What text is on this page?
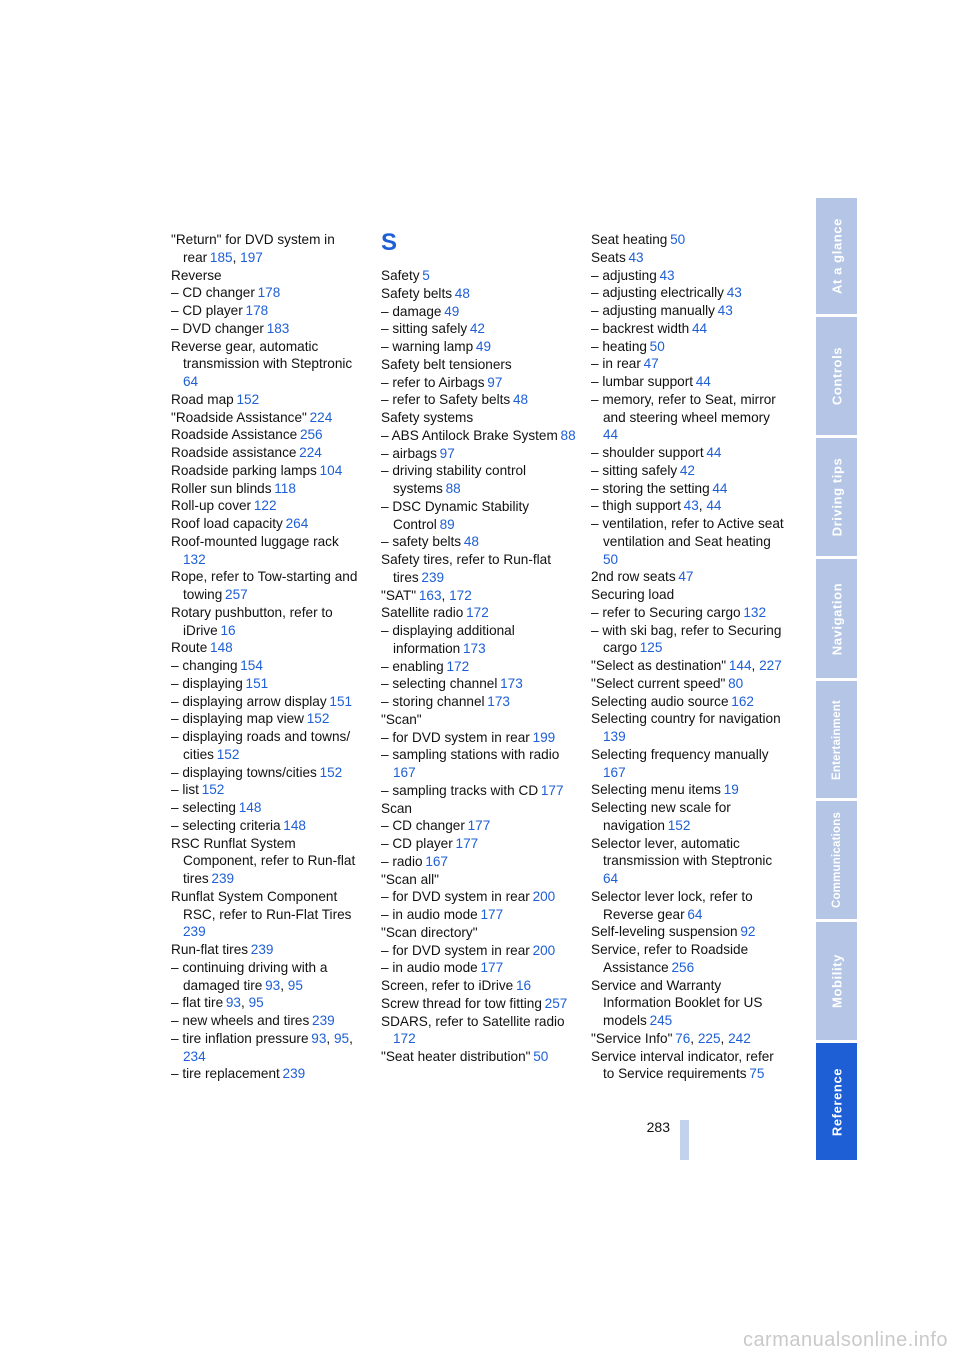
"Return" for DVD system in rear  185, 197
Reverse
– CD changer  178
– CD player  178
– DVD changer  183
Reverse gear, automatic transmission with Steptronic 64
Road map  152
"Roadside Assistance"  224
Roadside Assistance  256
Roadside assistance  224
Roadside parking lamps  104
Roller sun blinds  118
Roll-up cover  122
Roof load capacity  264
Roof-mounted luggage rack 132
Rope, refer to Tow-starting and towing  257
Rotary pushbutton, refer to iDrive  16
Route  148
– changing  154
– displaying  151
– displaying arrow display  151
– displaying map view  152
– displaying roads and towns/ cities  152
– displaying towns/cities  152
– list  152
– selecting  148
– selecting criteria  148
RSC Runflat System Component, refer to Run-flat tires  239
Runflat System Component RSC, refer to Run-Flat Tires 239
Run-flat tires  239
– continuing driving with a damaged tire  93, 95
– flat tire  93, 95
– new wheels and tires  239
– tire inflation pressure  93, 95, 234
– tire replacement  239
S
Safety  5
Safety belts  48
– damage  49
– sitting safely  42
– warning lamp  49
Safety belt tensioners
– refer to Airbags  97
– refer to Safety belts  48
Safety systems
– ABS Antilock Brake System  88
– airbags  97
– driving stability control systems  88
– DSC Dynamic Stability Control  89
– safety belts  48
Safety tires, refer to Run-flat tires  239
"SAT"  163, 172
Satellite radio  172
– displaying additional information  173
– enabling  172
– selecting channel  173
– storing channel  173
"Scan"
– for DVD system in rear  199
– sampling stations with radio 167
– sampling tracks with CD  177
Scan
– CD changer  177
– CD player  177
– radio  167
"Scan all"
– for DVD system in rear  200
– in audio mode  177
"Scan directory"
– for DVD system in rear  200
– in audio mode  177
Screen, refer to iDrive  16
Screw thread for tow fitting  257
SDARS, refer to Satellite radio 172
"Seat heater distribution"  50
Seat heating  50
Seats  43
– adjusting  43
– adjusting electrically  43
– adjusting manually  43
– backrest width  44
– heating  50
– in rear  47
– lumbar support  44
– memory, refer to Seat, mirror and steering wheel memory 44
– shoulder support  44
– sitting safely  42
– storing the setting  44
– thigh support  43, 44
– ventilation, refer to Active seat ventilation and Seat heating 50
2nd row seats  47
Securing load
– refer to Securing cargo  132
– with ski bag, refer to Securing cargo  125
"Select as destination"  144, 227
"Select current speed"  80
Selecting audio source  162
Selecting country for navigation 139
Selecting frequency manually 167
Selecting menu items  19
Selecting new scale for navigation  152
Selector lever, automatic transmission with Steptronic 64
Selector lever lock, refer to Reverse gear  64
Self-leveling suspension  92
Service, refer to Roadside Assistance  256
Service and Warranty Information Booklet for US models  245
"Service Info"  76, 225, 242
Service interval indicator, refer to Service requirements  75
At a glance
Controls
Driving tips
Navigation
Entertainment
Communications
Mobility
Reference
283
carmanualsonline.info
